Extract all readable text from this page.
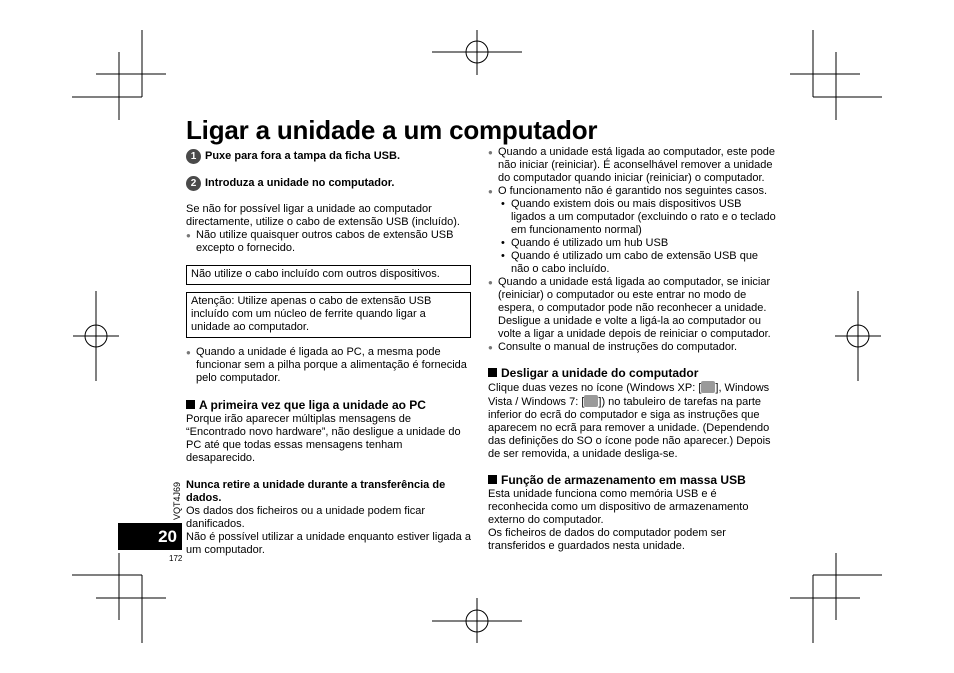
Ligar a unidade a um computador
1 Puxe para fora a tampa da ficha USB.
2 Introduza a unidade no computador.

Se não for possível ligar a unidade ao computador directamente, utilize o cabo de extensão USB (incluído).

● Não utilize quaisquer outros cabos de extensão USB excepto o fornecido.

Não utilize o cabo incluído com outros dispositivos.
Atenção: Utilize apenas o cabo de extensão USB incluído com um núcleo de ferrite quando ligar a unidade ao computador.

● Quando a unidade é ligada ao PC, a mesma pode funcionar sem a pilha porque a alimentação é fornecida pelo computador.

A primeira vez que liga a unidade ao PC

Porque irão aparecer múltiplas mensagens de “Encontrado novo hardware”, não desligue a unidade do PC até que todas essas mensagens tenham desaparecido.

Nunca retire a unidade durante a transferência de dados.

Os dados dos ficheiros ou a unidade podem ficar danificados.

Não é possível utilizar a unidade enquanto estiver ligada a um computador.

● Quando a unidade está ligada ao computador, este pode não iniciar (reiniciar). É aconselhável remover a unidade do computador quando iniciar (reiniciar) o computador.

● O funcionamento não é garantido nos seguintes casos.

• Quando existem dois ou mais dispositivos USB ligados a um computador (excluindo o rato e o teclado em funcionamento normal)

• Quando é utilizado um hub USB

• Quando é utilizado um cabo de extensão USB que não o cabo incluído.

● Quando a unidade está ligada ao computador, se iniciar (reiniciar) o computador ou este entrar no modo de espera, o computador pode não reconhecer a unidade. Desligue a unidade e volte a ligá-la ao computador ou volte a ligar a unidade depois de reiniciar o computador.

● Consulte o manual de instruções do computador.

Desligar a unidade do computador

Clique duas vezes no ícone (Windows XP: [ ], Windows Vista / Windows 7: [ ]) no tabuleiro de tarefas na parte inferior do ecrã do computador e siga as instruções que aparecem no ecrã para remover a unidade. (Dependendo das definições do SO o ícone pode não aparecer.) Depois de ser removida, a unidade desliga-se.

Função de armazenamento em massa USB

Esta unidade funciona como memória USB e é reconhecida como um dispositivo de armazenamento externo do computador.

Os ficheiros de dados do computador podem ser transferidos e guardados nesta unidade.

VQT4J69
20
172
